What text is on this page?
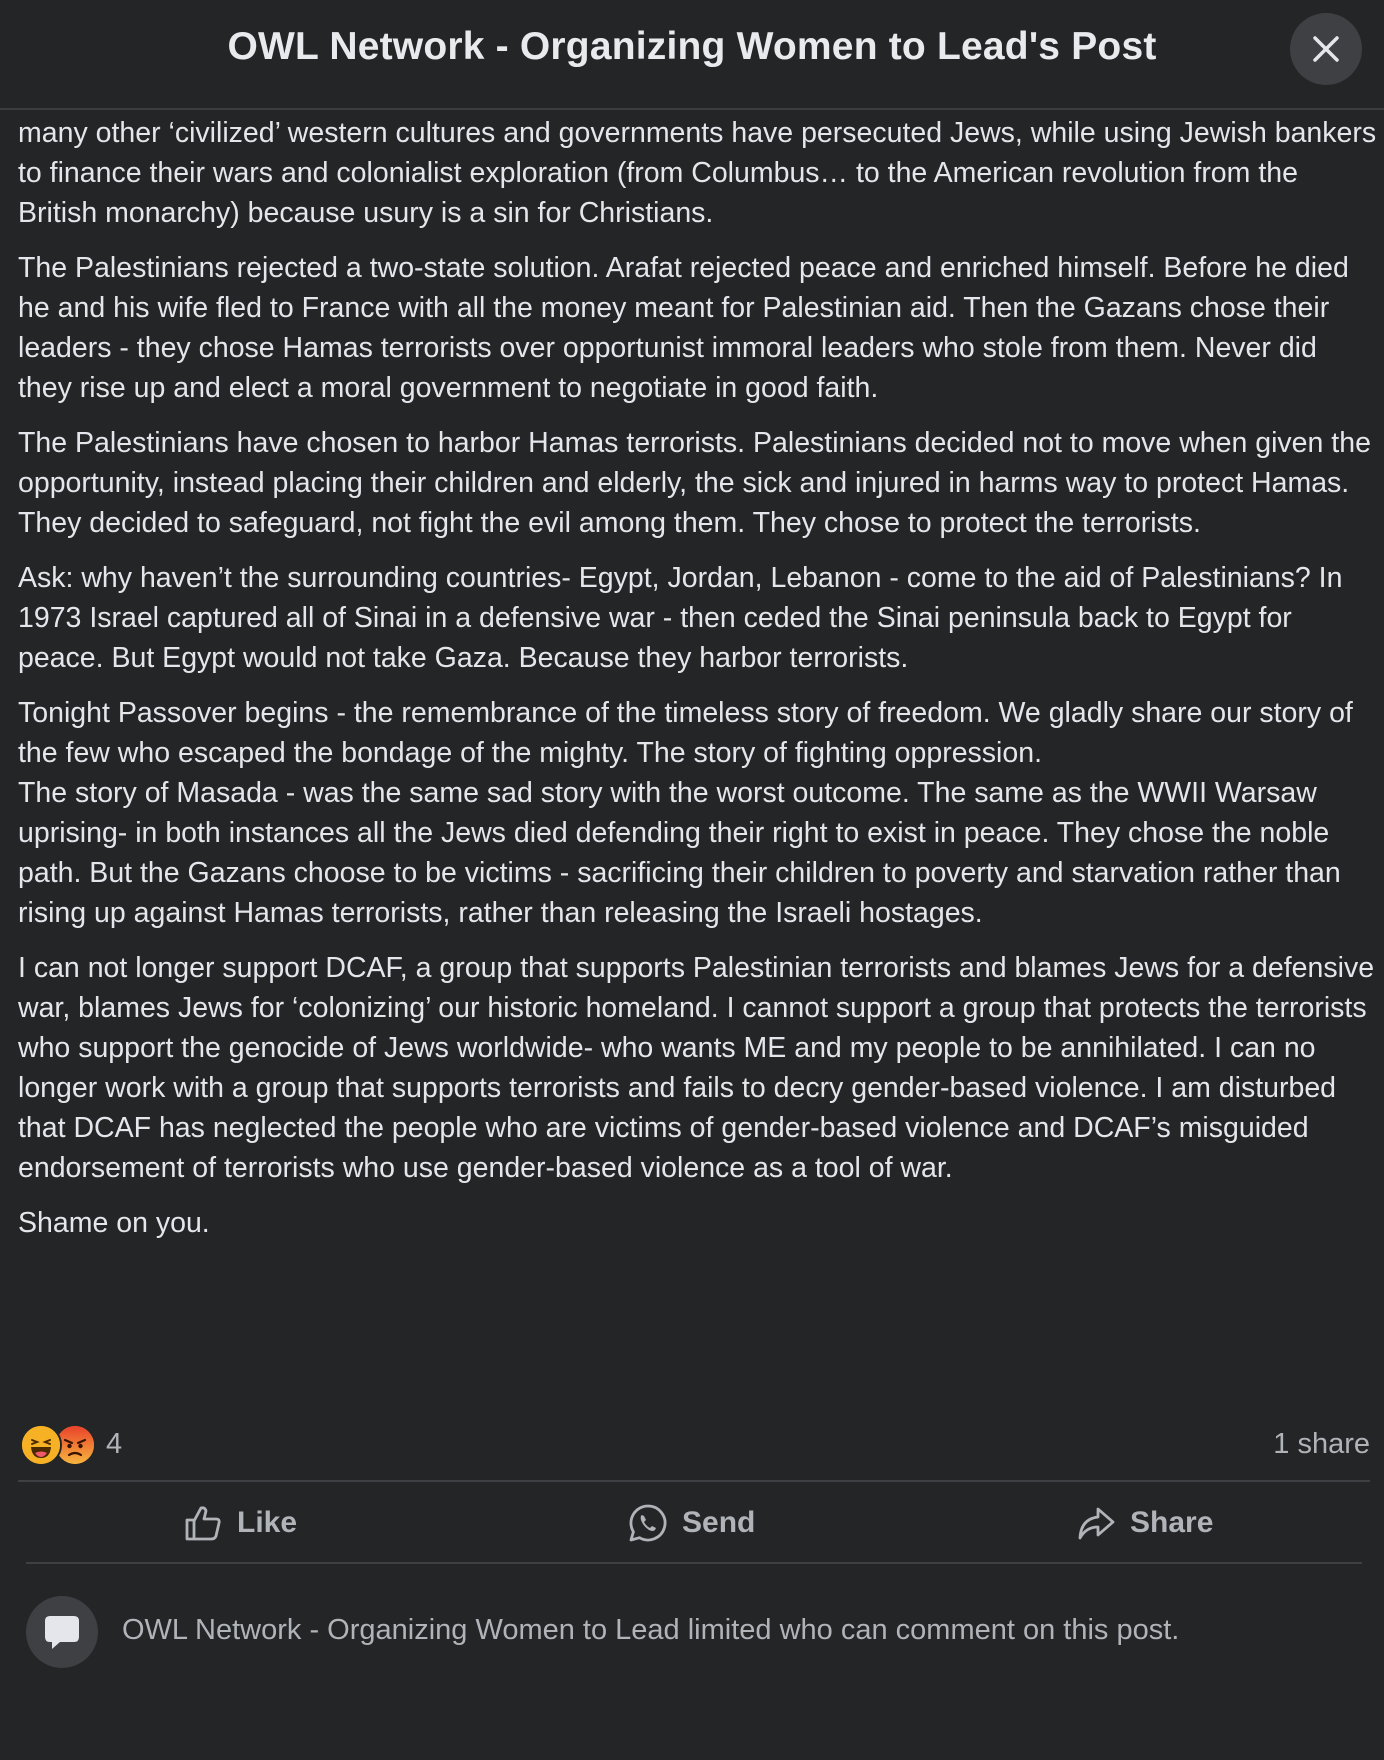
OWL Network - Organizing Women to Lead's Post

many other ‘civilized’ western cultures and governments have persecuted Jews, while using Jewish bankers to finance their wars and colonialist exploration (from Columbus… to the American revolution from the British monarchy) because usury is a sin for Christians.

The Palestinians rejected a two-state solution. Arafat rejected peace and enriched himself. Before he died he and his wife fled to France with all the money meant for Palestinian aid. Then the Gazans chose their leaders - they chose Hamas terrorists over opportunist immoral leaders who stole from them. Never did they rise up and elect a moral government to negotiate in good faith.

The Palestinians have chosen to harbor Hamas terrorists. Palestinians decided not to move when given the opportunity, instead placing their children and elderly, the sick and injured in harms way to protect Hamas. They decided to safeguard, not fight the evil among them. They chose to protect the terrorists.

Ask: why haven’t the surrounding countries- Egypt, Jordan, Lebanon - come to the aid of Palestinians? In 1973 Israel captured all of Sinai in a defensive war - then ceded the Sinai peninsula back to Egypt for peace. But Egypt would not take Gaza. Because they harbor terrorists.

Tonight Passover begins - the remembrance of the timeless story of freedom. We gladly share our story of the few who escaped the bondage of the mighty. The story of fighting oppression.
The story of Masada - was the same sad story with the worst outcome. The same as the WWII Warsaw uprising- in both instances all the Jews died defending their right to exist in peace. They chose the noble path. But the Gazans choose to be victims - sacrificing their children to poverty and starvation rather than rising up against Hamas terrorists, rather than releasing the Israeli hostages.

I can not longer support DCAF, a group that supports Palestinian terrorists and blames Jews for a defensive war, blames Jews for ‘colonizing’ our historic homeland. I cannot support a group that protects the terrorists who support the genocide of Jews worldwide- who wants ME and my people to be annihilated. I can no longer work with a group that supports terrorists and fails to decry gender-based violence. I am disturbed that DCAF has neglected the people who are victims of gender-based violence and DCAF’s misguided endorsement of terrorists who use gender-based violence as a tool of war.

Shame on you.

4	1 share
Like	Send	Share
OWL Network - Organizing Women to Lead limited who can comment on this post.
